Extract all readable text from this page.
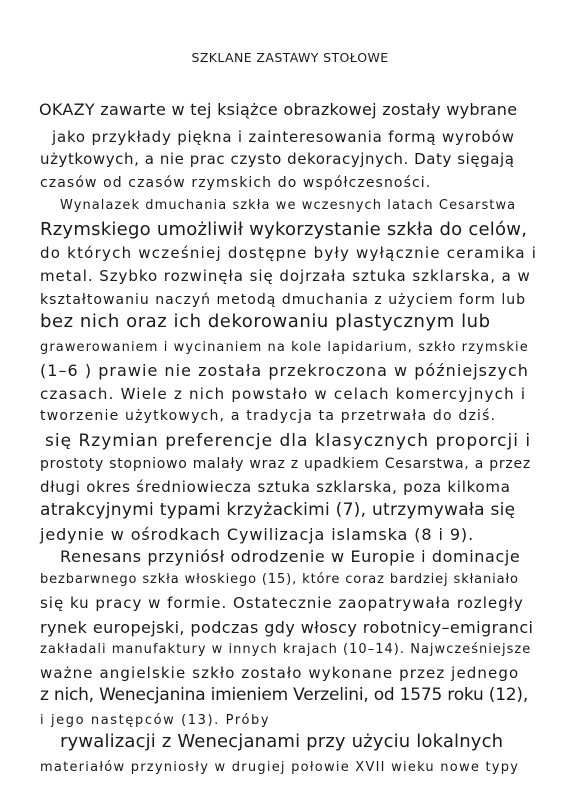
SZKLANE ZASTAWY STOŁOWE
OKAZY zawarte w tej książce obrazkowej zostały wybrane
jako przykłady piękna i zainteresowania formą wyrobów
użytkowych, a nie prac czysto dekoracyjnych. Daty sięgają
czasów od czasów rzymskich do współczesności.
Wynalazek dmuchania szkła we wczesnych latach Cesarstwa
Rzymskiego umożliwił wykorzystanie szkła do celów,
do których wcześniej dostępne były wyłącznie ceramika i
metal. Szybko rozwinęła się dojrzała sztuka szklarska, a w
kształtowaniu naczyń metodą dmuchania z użyciem form lub
bez nich oraz ich dekorowaniu plastycznym lub
grawerowaniem i wycinaniem na kole lapidarium, szkło rzymskie
(1–6 ) prawie nie została przekroczona w późniejszych
czasach. Wiele z nich powstało w celach komercyjnych i
tworzenie użytkowych, a tradycja ta przetrwała do dziś.
się Rzymian preferencje dla klasycznych proporcji i
prostoty stopniowo malały wraz z upadkiem Cesarstwa, a przez
długi okres średniowiecza sztuka szklarska, poza kilkoma
atrakcyjnymi typami krzyżackimi (7), utrzymywała się
jedynie w ośrodkach Cywilizacja islamska (8 i 9).
Renesans przyniósł odrodzenie w Europie i dominacje
bezbarwnego szkła włoskiego (15), które coraz bardziej skłaniało
się ku pracy w formie. Ostatecznie zaopatrywała rozległy
rynek europejski, podczas gdy włoscy robotnicy–emigranci
zakładali manufaktury w innych krajach (10–14). Najwcześniejsze
ważne angielskie szkło zostało wykonane przez jednego
z nich, Wenecjanina imieniem Verzelini, od 1575 roku (12),
i jego następców (13). Próby
rywalizacji z Wenecjanami przy użyciu lokalnych
materiałów przyniosły w drugiej połowie XVII wieku nowe typy
